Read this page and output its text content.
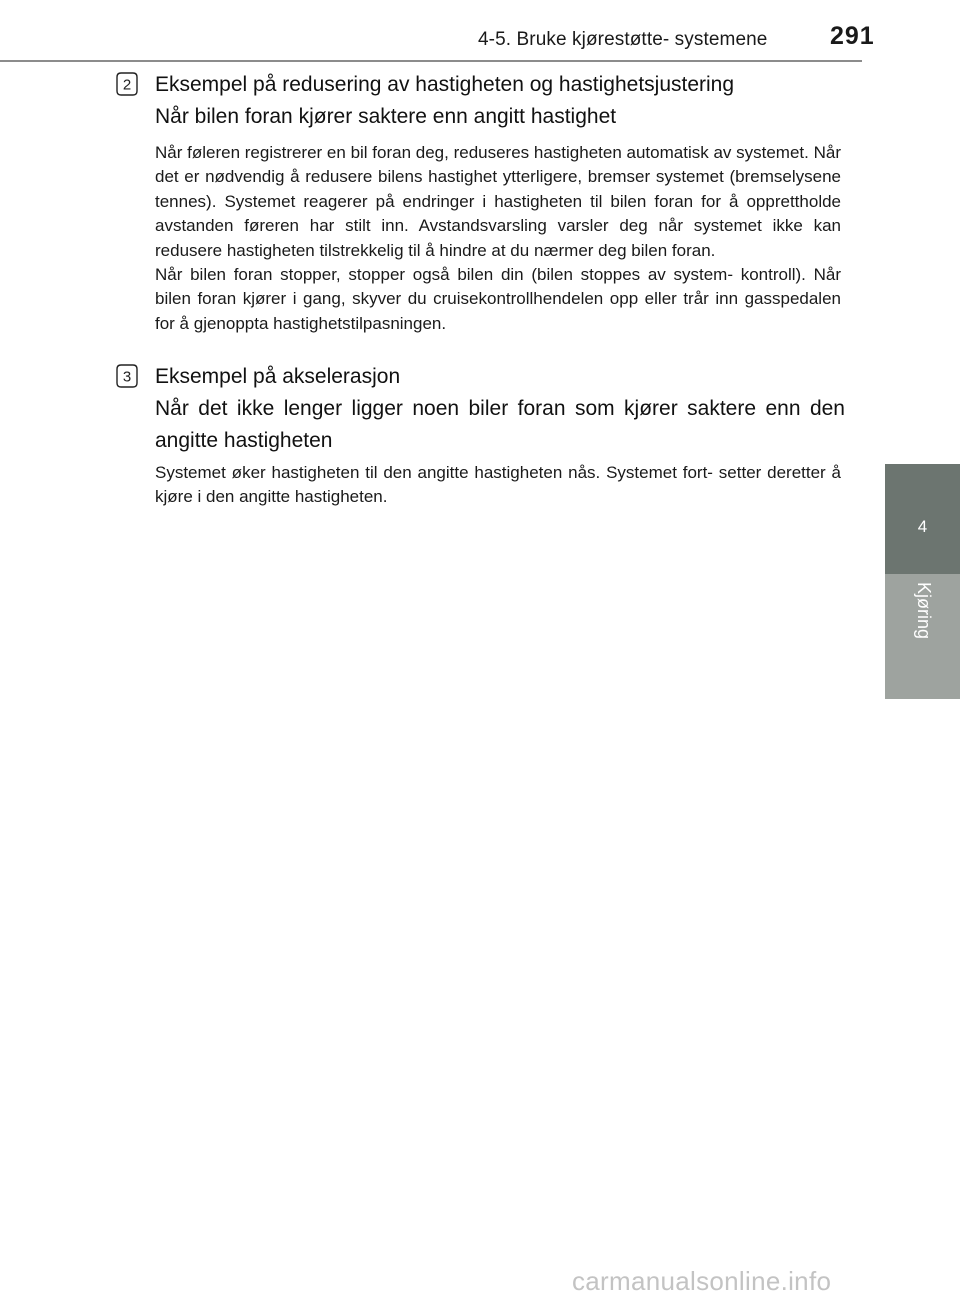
4-5. Bruke kjørestøtte- systemene	291
4
Kjøring
2 Eksempel på redusering av hastigheten og hastighetsjustering
Når bilen foran kjører saktere enn angitt hastighet

Når føleren registrerer en bil foran deg, reduseres hastigheten automatisk av systemet. Når det er nødvendig å redusere bilens hastighet ytterligere, bremser systemet (bremselysene tennes). Systemet reagerer på endringer i hastigheten til bilen foran for å opprettholde avstanden føreren har stilt inn. Avstandsvarsling varsler deg når systemet ikke kan redusere hastigheten tilstrekkelig til å hindre at du nærmer deg bilen foran.

Når bilen foran stopper, stopper også bilen din (bilen stoppes av system- kontroll). Når bilen foran kjører i gang, skyver du cruisekontrollhendelen opp eller trår inn gasspedalen for å gjenoppta hastighetstilpasningen.

3 Eksempel på akselerasjon
Når det ikke lenger ligger noen biler foran som kjører saktere enn den angitte hastigheten

Systemet øker hastigheten til den angitte hastigheten nås. Systemet fort- setter deretter å kjøre i den angitte hastigheten.

carmanualsonline.info
